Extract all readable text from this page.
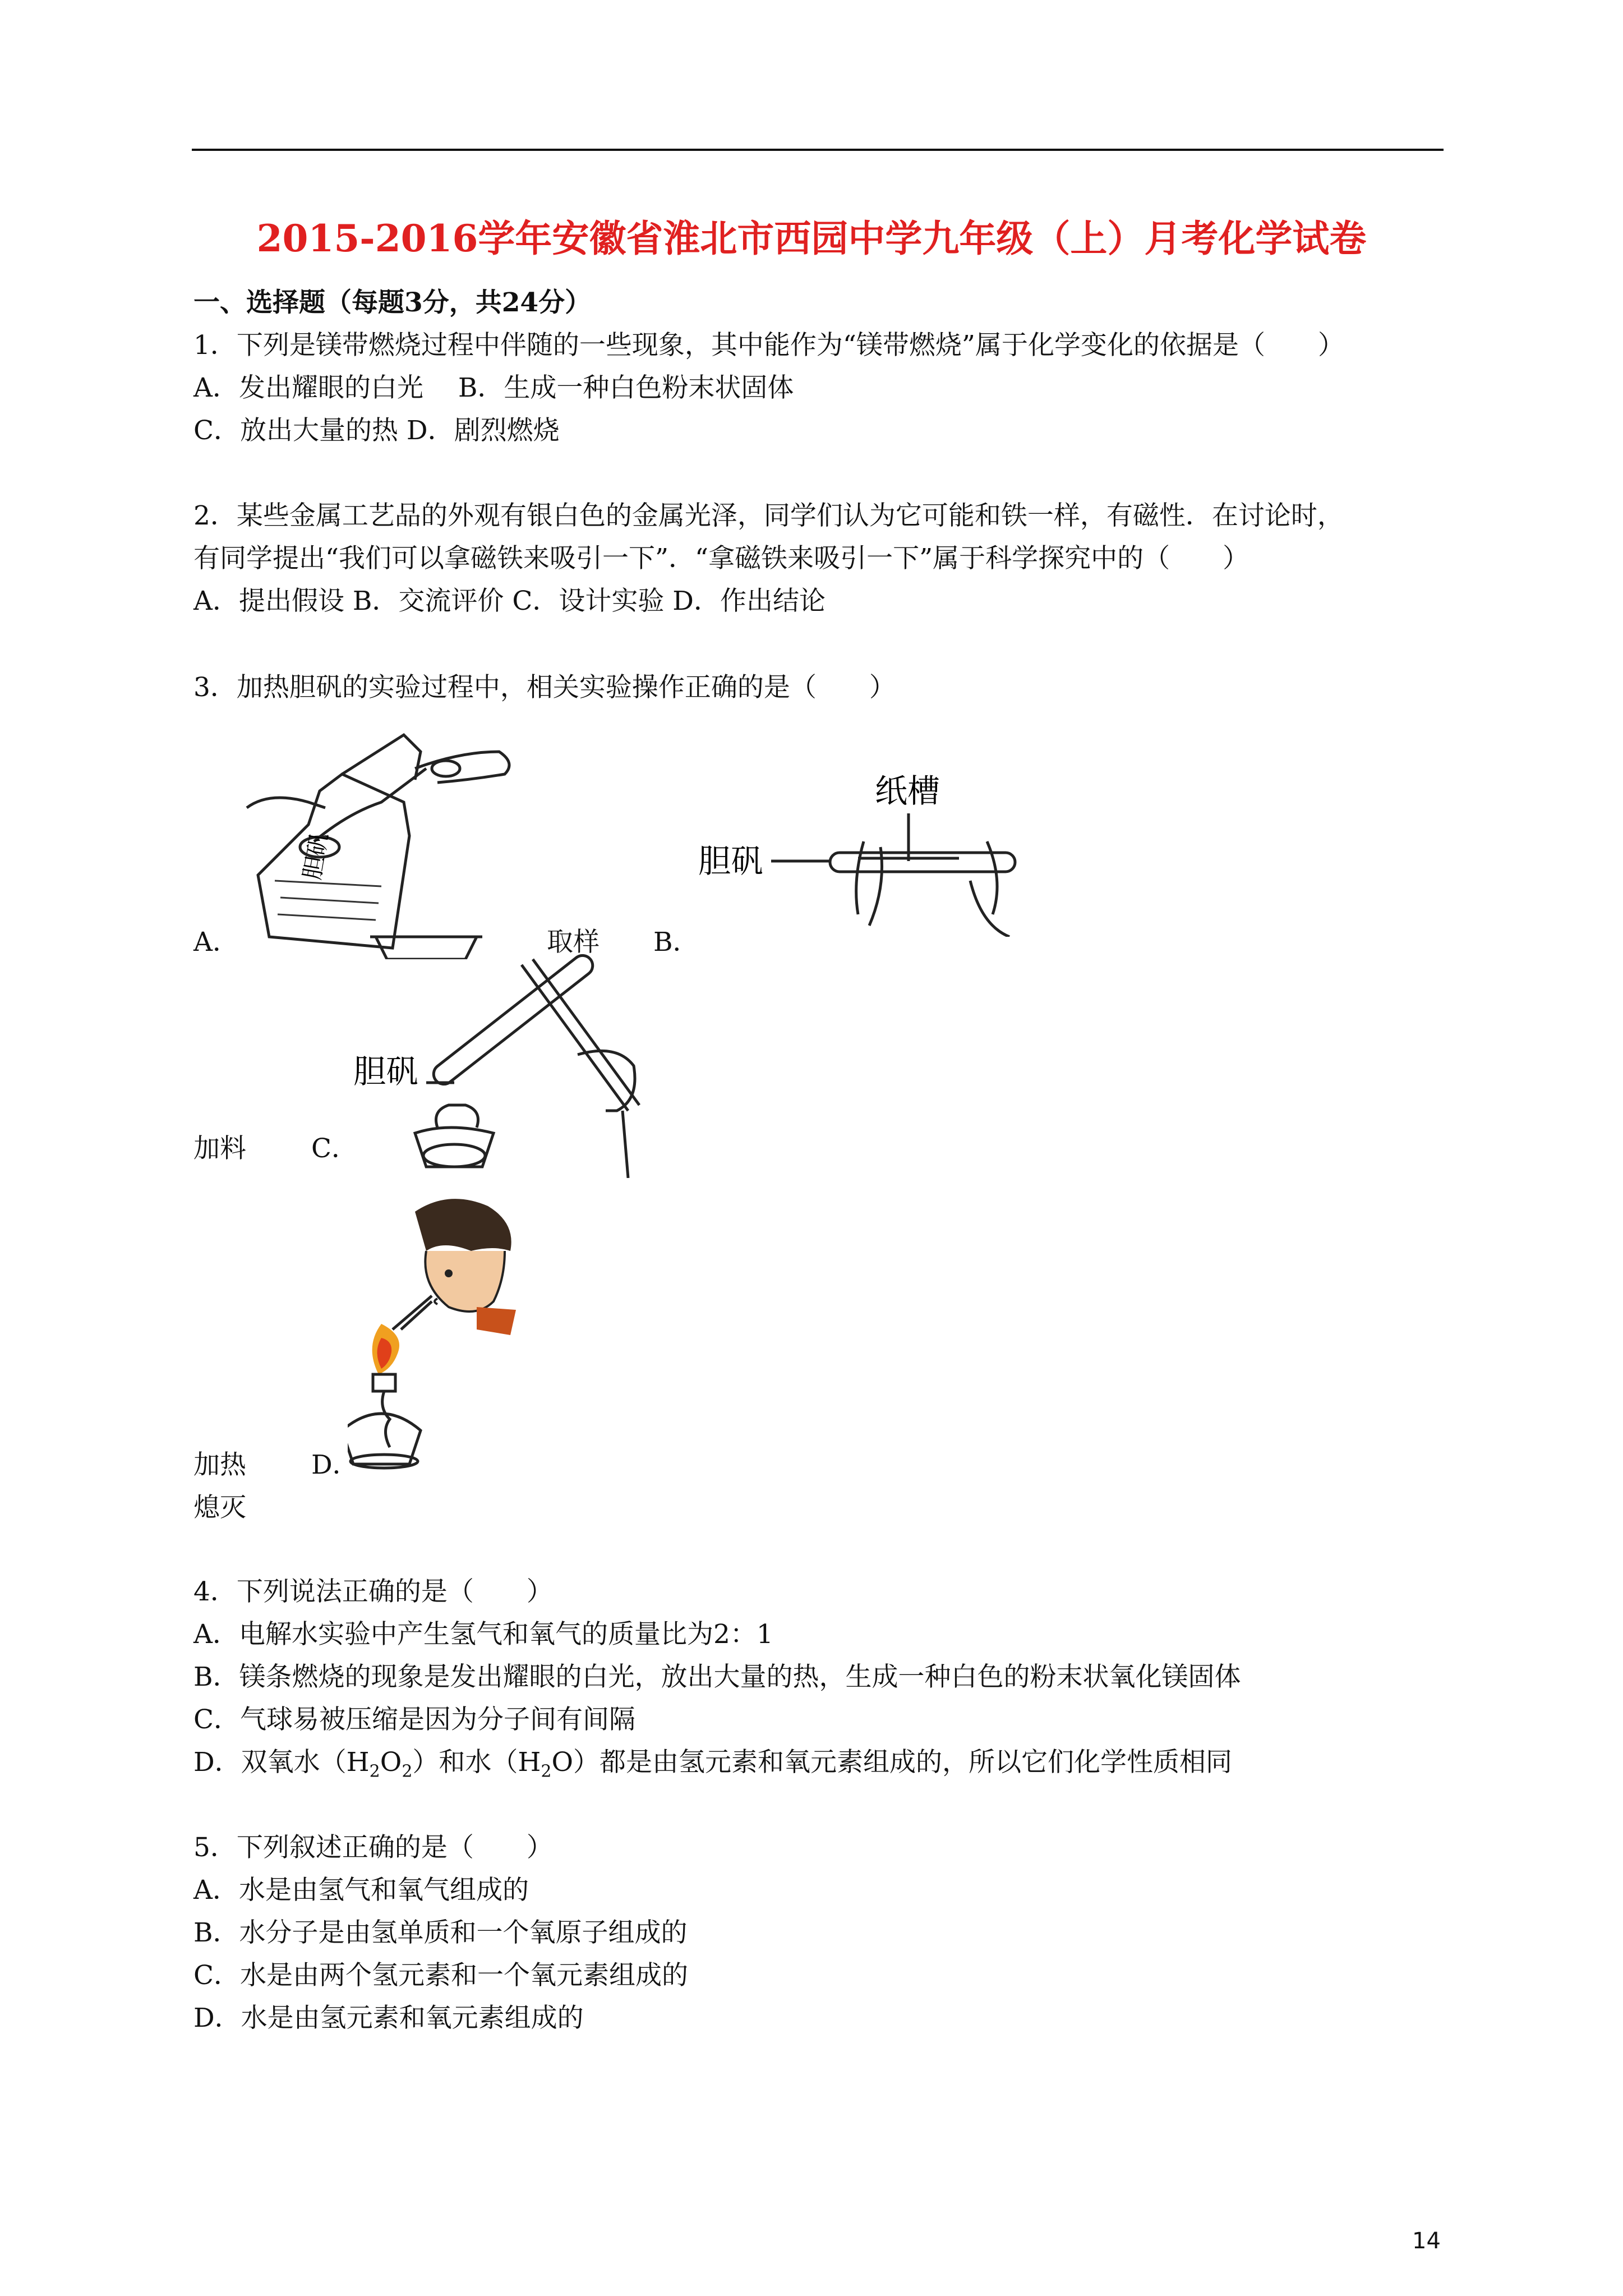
2015-2016学年安徽省淮北市西园中学九年级（上）月考化学试卷
一、选择题（每题3分，共24分）
1．下列是镁带燃烧过程中伴随的一些现象，其中能作为“镁带燃烧”属于化学变化的依据是（　　）
A．发出耀眼的白光　 B．生成一种白色粉末状固体
C．放出大量的热 D．剧烈燃烧
2．某些金属工艺品的外观有银白色的金属光泽，同学们认为它可能和铁一样，有磁性．在讨论时，
有同学提出“我们可以拿磁铁来吸引一下”．“拿磁铁来吸引一下”属于科学探究中的（　　）
A．提出假设 B．交流评价 C．设计实验 D．作出结论
3．加热胆矾的实验过程中，相关实验操作正确的是（　　）
胆矾
A．	取样 B．
纸槽
胆矾
胆矾
加料 C．
加热 D．
熄灭
4．下列说法正确的是（　　）
A．电解水实验中产生氢气和氧气的质量比为2：1
B．镁条燃烧的现象是发出耀眼的白光，放出大量的热，生成一种白色的粉末状氧化镁固体
C．气球易被压缩是因为分子间有间隔
D．双氧水$(H_2O_2)$和水$(H_2O)$都是由氢元素和氧元素组成的，所以它们化学性质相同
5．下列叙述正确的是（　　）
A．水是由氢气和氧气组成的
B．水分子是由氢单质和一个氧原子组成的
C．水是由两个氢元素和一个氧元素组成的
D．水是由氢元素和氧元素组成的
14
